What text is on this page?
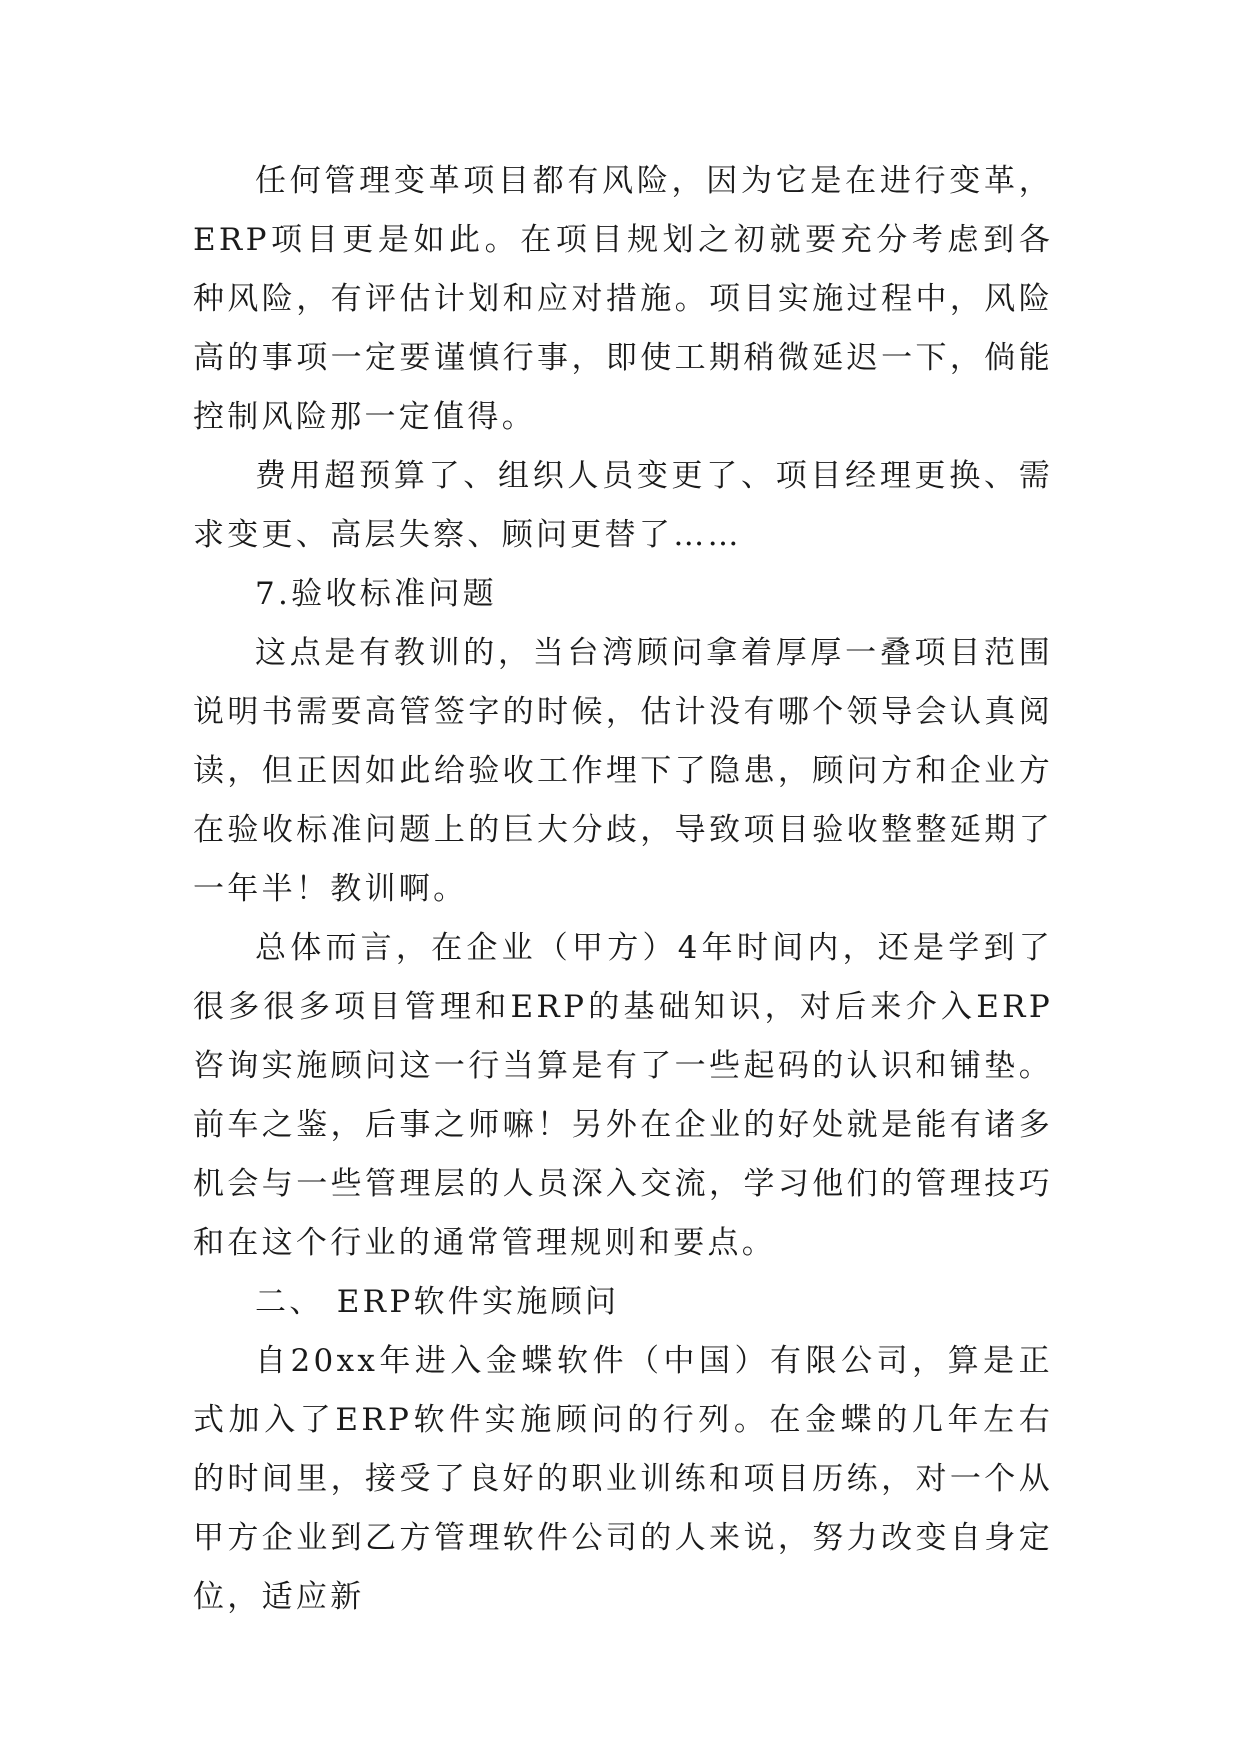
任何管理变革项目都有风险，因为它是在进行变革，ERP项目更是如此。在项目规划之初就要充分考虑到各种风险，有评估计划和应对措施。项目实施过程中，风险高的事项一定要谨慎行事，即使工期稍微延迟一下，倘能控制风险那一定值得。

费用超预算了、组织人员变更了、项目经理更换、需求变更、高层失察、顾问更替了……

7.验收标准问题

这点是有教训的，当台湾顾问拿着厚厚一叠项目范围说明书需要高管签字的时候，估计没有哪个领导会认真阅读，但正因如此给验收工作埋下了隐患，顾问方和企业方在验收标准问题上的巨大分歧，导致项目验收整整延期了一年半！教训啊。

总体而言，在企业（甲方）4年时间内，还是学到了很多很多项目管理和ERP的基础知识，对后来介入ERP咨询实施顾问这一行当算是有了一些起码的认识和铺垫。前车之鉴，后事之师嘛！另外在企业的好处就是能有诸多机会与一些管理层的人员深入交流，学习他们的管理技巧和在这个行业的通常管理规则和要点。

二、 ERP软件实施顾问

自20xx年进入金蝶软件（中国）有限公司，算是正式加入了ERP软件实施顾问的行列。在金蝶的几年左右的时间里，接受了良好的职业训练和项目历练，对一个从甲方企业到乙方管理软件公司的人来说，努力改变自身定位，适应新
